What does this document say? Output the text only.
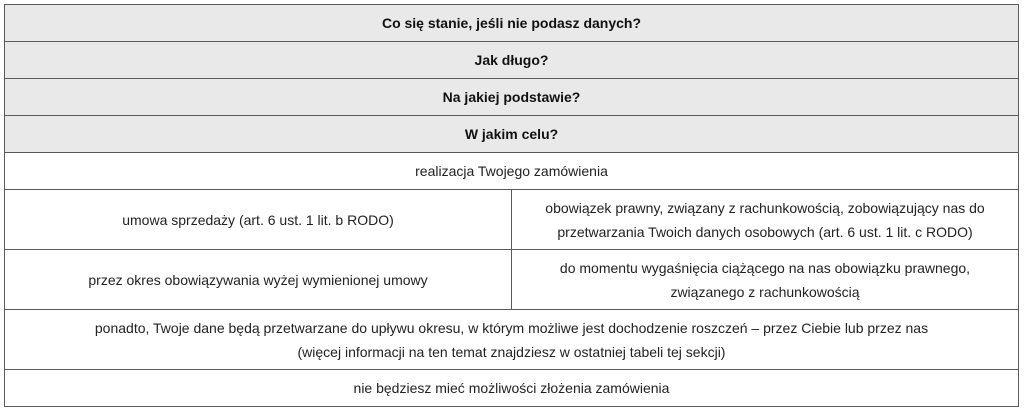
Co się stanie, jeśli nie podasz danych?	
Jak długo?	
Na jakiej podstawie?	
W jakim celu?	
realizacja Twojego zamówienia	
umowa sprzedaży (art. 6 ust. 1 lit. b RODO)	obowiązek prawny, związany z rachunkowością, zobowiązujący nas do
przetwarzania Twoich danych osobowych (art. 6 ust. 1 lit. c RODO)
przez okres obowiązywania wyżej wymienionej umowy	do momentu wygaśnięcia ciążącego na nas obowiązku prawnego,
związanego z rachunkowością
ponadto, Twoje dane będą przetwarzane do upływu okresu, w którym możliwe jest dochodzenie roszczeń – przez Ciebie lub przez nas
(więcej informacji na ten temat znajdziesz w ostatniej tabeli tej sekcji)	
nie będziesz mieć możliwości złożenia zamówienia	
